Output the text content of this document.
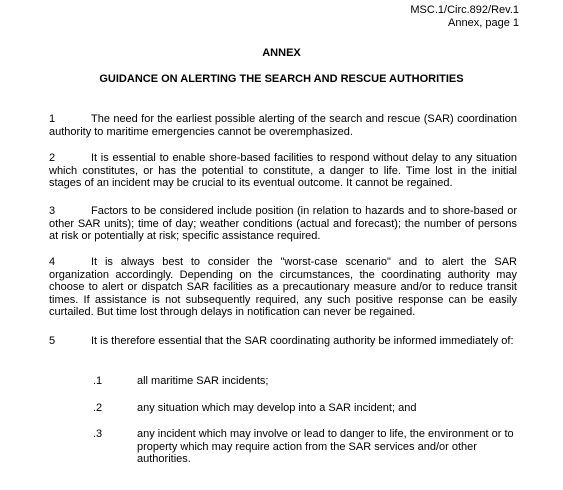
MSC.1/Circ.892/Rev.1
Annex, page 1
ANNEX
GUIDANCE ON ALERTING THE SEARCH AND RESCUE AUTHORITIES
1	The need for the earliest possible alerting of the search and rescue (SAR) coordination authority to maritime emergencies cannot be overemphasized.
2	It is essential to enable shore-based facilities to respond without delay to any situation which constitutes, or has the potential to constitute, a danger to life. Time lost in the initial stages of an incident may be crucial to its eventual outcome. It cannot be regained.
3	Factors to be considered include position (in relation to hazards and to shore-based or other SAR units); time of day; weather conditions (actual and forecast); the number of persons at risk or potentially at risk; specific assistance required.
4	It is always best to consider the "worst-case scenario" and to alert the SAR organization accordingly. Depending on the circumstances, the coordinating authority may choose to alert or dispatch SAR facilities as a precautionary measure and/or to reduce transit times. If assistance is not subsequently required, any such positive response can be easily curtailed. But time lost through delays in notification can never be regained.
5	It is therefore essential that the SAR coordinating authority be informed immediately of:
.1	all maritime SAR incidents;
.2	any situation which may develop into a SAR incident; and
.3	any incident which may involve or lead to danger to life, the environment or to property which may require action from the SAR services and/or other authorities.
